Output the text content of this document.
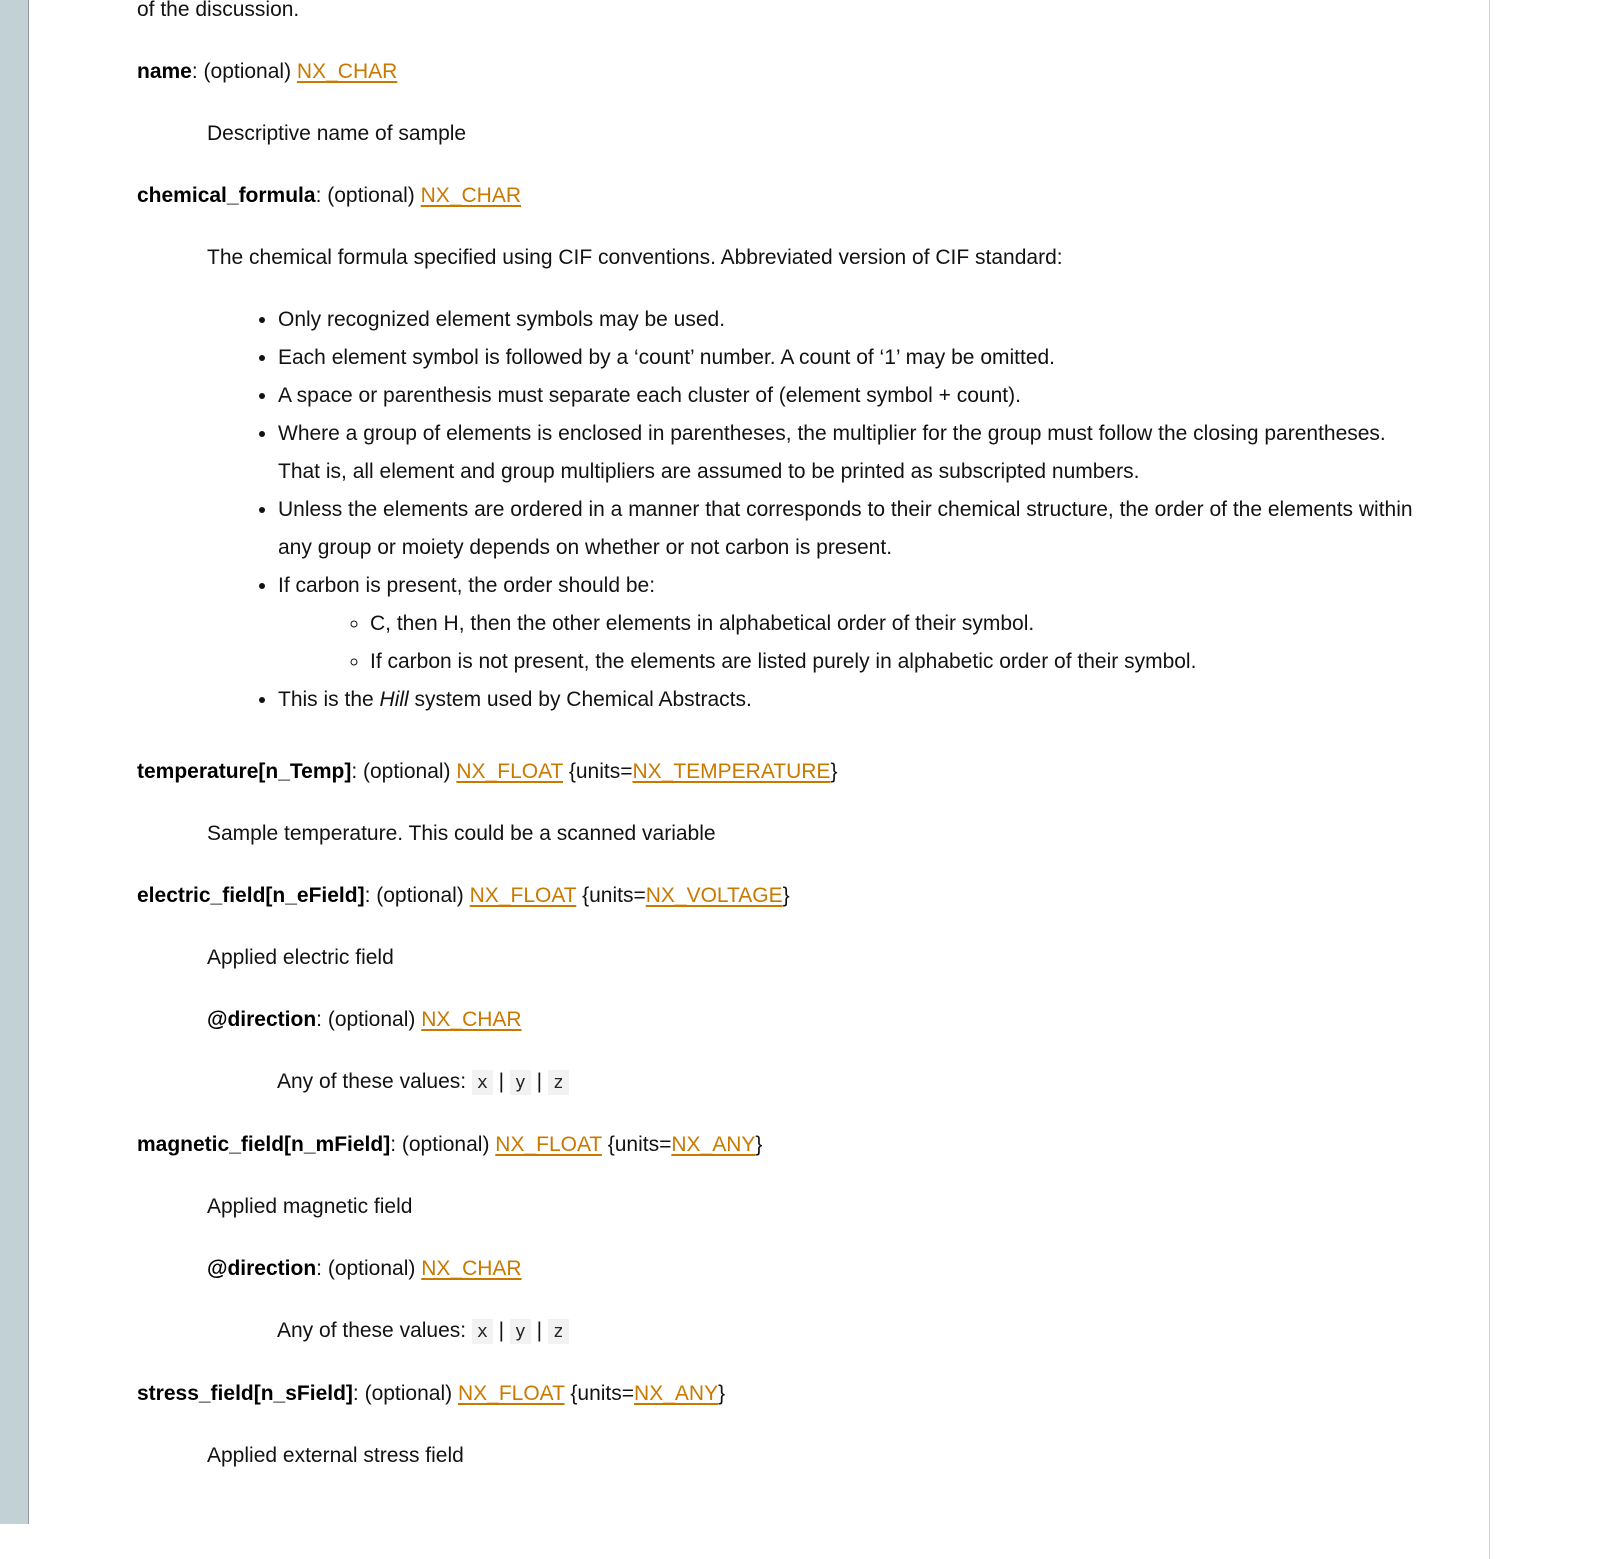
of the discussion.

name: (optional) NX_CHAR

Descriptive name of sample

chemical_formula: (optional) NX_CHAR

The chemical formula specified using CIF conventions. Abbreviated version of CIF standard:

• Only recognized element symbols may be used.
• Each element symbol is followed by a ‘count’ number. A count of ‘1’ may be omitted.
• A space or parenthesis must separate each cluster of (element symbol + count).
• Where a group of elements is enclosed in parentheses, the multiplier for the group must follow the closing parentheses. That is, all element and group multipliers are assumed to be printed as subscripted numbers.
• Unless the elements are ordered in a manner that corresponds to their chemical structure, the order of the elements within any group or moiety depends on whether or not carbon is present.
• If carbon is present, the order should be:
◦ C, then H, then the other elements in alphabetical order of their symbol.
◦ If carbon is not present, the elements are listed purely in alphabetic order of their symbol.
• This is the Hill system used by Chemical Abstracts.
temperature[n_Temp]: (optional) NX_FLOAT {units=NX_TEMPERATURE}

Sample temperature. This could be a scanned variable

electric_field[n_eField]: (optional) NX_FLOAT {units=NX_VOLTAGE}

Applied electric field

@direction: (optional) NX_CHAR

Any of these values: x | y | z

magnetic_field[n_mField]: (optional) NX_FLOAT {units=NX_ANY}

Applied magnetic field

@direction: (optional) NX_CHAR

Any of these values: x | y | z

stress_field[n_sField]: (optional) NX_FLOAT {units=NX_ANY}

Applied external stress field
